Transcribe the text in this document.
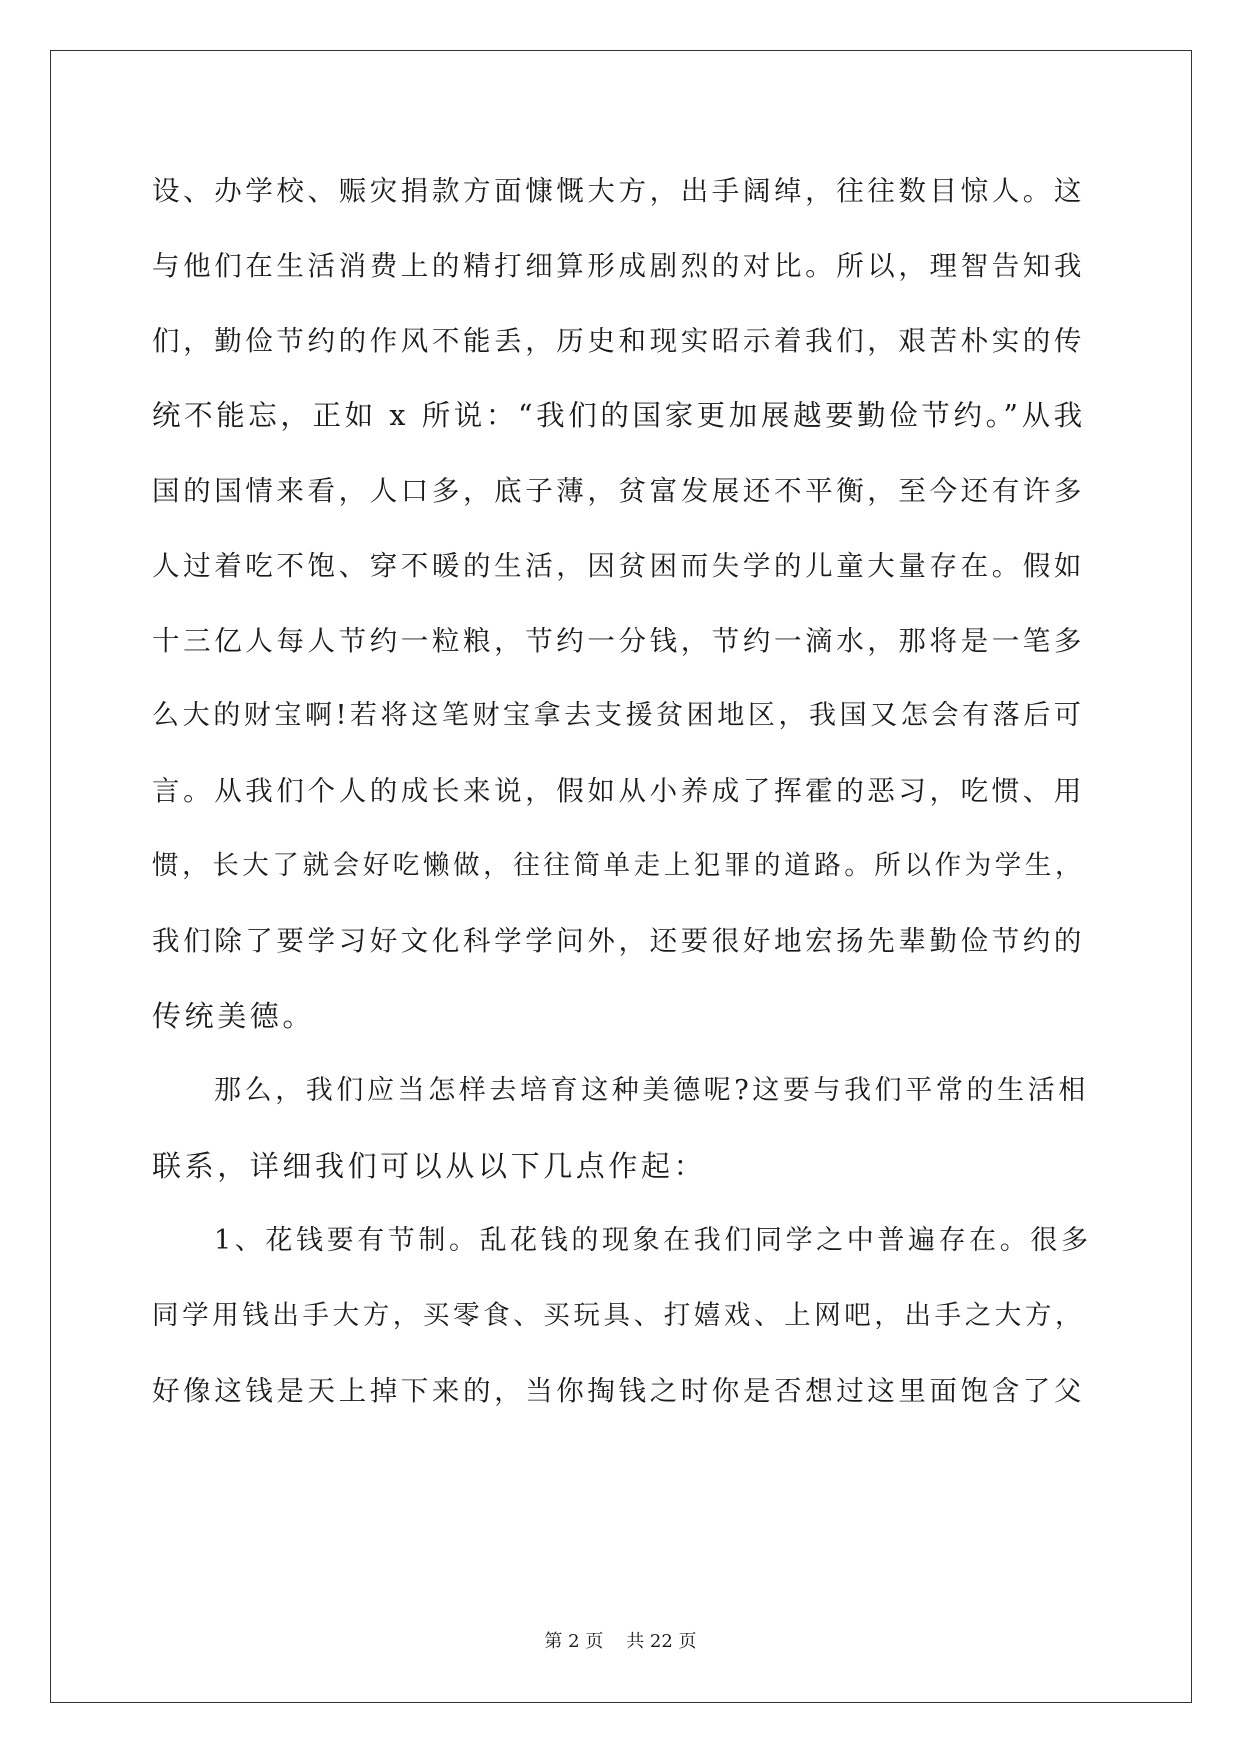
设、办学校、赈灾捐款方面慷慨大方，出手阔绰，往往数目惊人。这
与他们在生活消费上的精打细算形成剧烈的对比。所以，理智告知我
们，勤俭节约的作风不能丢，历史和现实昭示着我们，艰苦朴实的传
统不能忘，正如 x 所说：“我们的国家更加展越要勤俭节约。”从我
国的国情来看，人口多，底子薄，贫富发展还不平衡，至今还有许多
人过着吃不饱、穿不暖的生活，因贫困而失学的儿童大量存在。假如
十三亿人每人节约一粒粮，节约一分钱，节约一滴水，那将是一笔多
么大的财宝啊!若将这笔财宝拿去支援贫困地区，我国又怎会有落后可
言。从我们个人的成长来说，假如从小养成了挥霍的恶习，吃惯、用
惯，长大了就会好吃懒做，往往简单走上犯罪的道路。所以作为学生，
我们除了要学习好文化科学学问外，还要很好地宏扬先辈勤俭节约的
传统美德。
那么，我们应当怎样去培育这种美德呢?这要与我们平常的生活相
联系，详细我们可以从以下几点作起：
1、花钱要有节制。乱花钱的现象在我们同学之中普遍存在。很多
同学用钱出手大方，买零食、买玩具、打嬉戏、上网吧，出手之大方，
好像这钱是天上掉下来的，当你掏钱之时你是否想过这里面饱含了父
第 2 页    共 22 页
